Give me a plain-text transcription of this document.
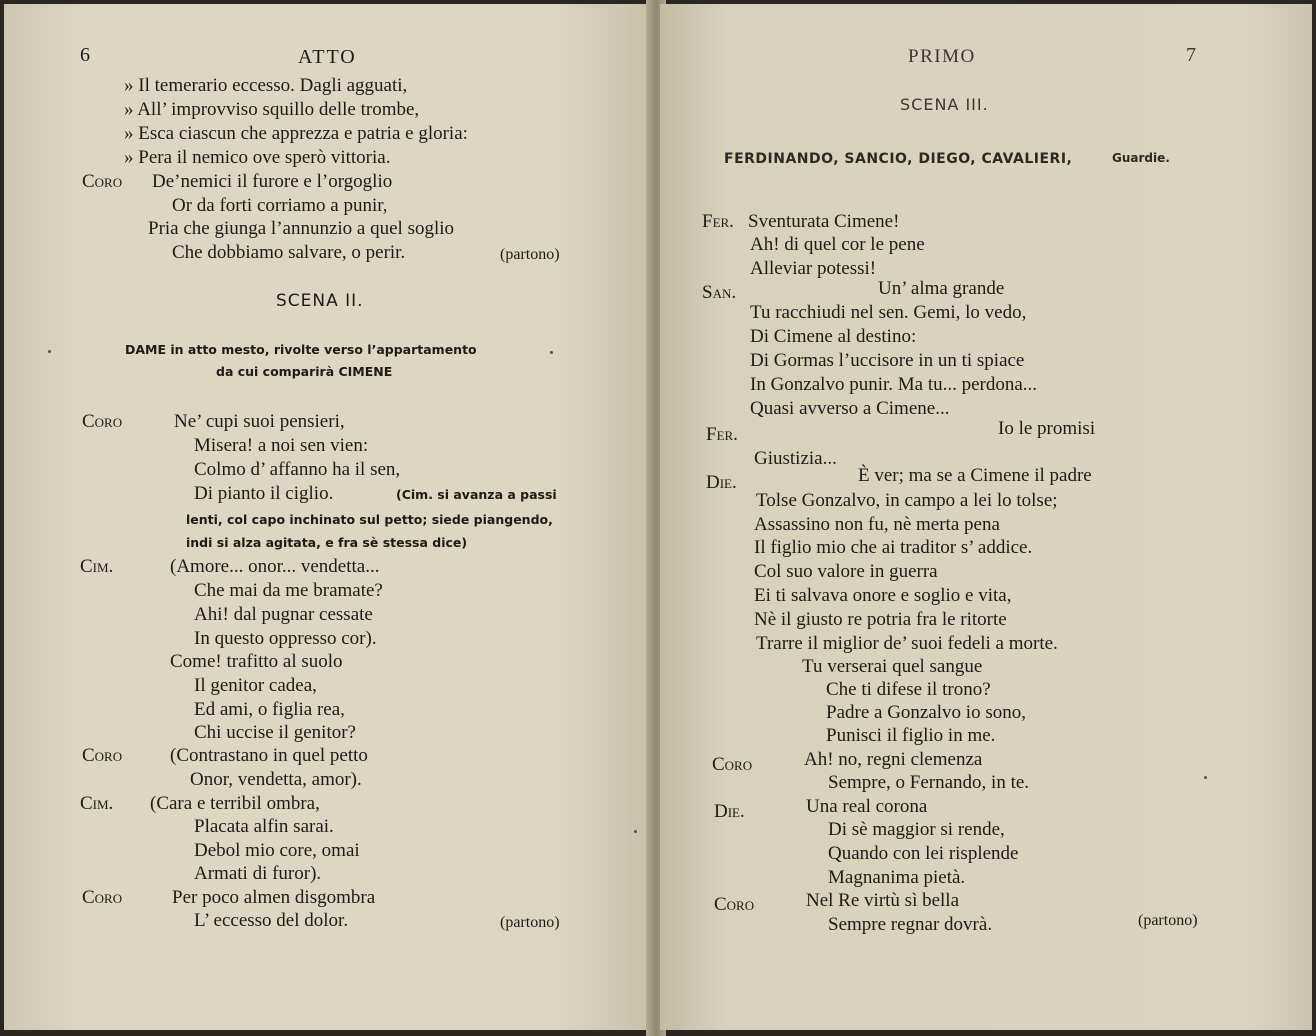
6	ATTO
» Il temerario eccesso. Dagli agguati,
» All’ improvviso squillo delle trombe,
» Esca ciascun che apprezza e patria e gloria:
» Pera il nemico ove sperò vittoria.
Coro De’nemici il furore e l’orgoglio
Or da forti corriamo a punir,
Pria che giunga l’annunzio a quel soglio
Che dobbiamo salvare, o perir.	(partono)
SCENA II.
DAME in atto mesto, rivolte verso l’appartamento
da cui comparirà CIMENE
Coro	Ne’ cupi suoi pensieri,
Misera! a noi sen vien:
Colmo d’ affanno ha il sen,
Di pianto il ciglio.	(Cim. si avanza a passi
lenti, col capo inchinato sul petto; siede piangendo,
indi si alza agitata, e fra sè stessa dice)
Cim.	(Amore... onor... vendetta...
Che mai da me bramate?
Ahi! dal pugnar cessate
In questo oppresso cor).
Come! trafitto al suolo
Il genitor cadea,
Ed ami, o figlia rea,
Chi uccise il genitor?
Coro	(Contrastano in quel petto
Onor, vendetta, amor).
Cim. (Cara e terribil ombra,
Placata alfin sarai.
Debol mio core, omai
Armati di furor).
Coro	Per poco almen disgombra
L’ eccesso del dolor.	(partono)
PRIMO	7
SCENA III.
FERDINANDO, SANCIO, DIEGO, CAVALIERI,	Guardie.
Fer. Sventurata Cimene!
Ah! di quel cor le pene
Alleviar potessi!
San.	Un’ alma grande
Tu racchiudi nel sen. Gemi, lo vedo,
Di Cimene al destino:
Di Gormas l’uccisore in un ti spiace
In Gonzalvo punir. Ma tu... perdona...
Quasi avverso a Cimene...
Fer.	Io le promisi
Giustizia...
Die.	È ver; ma se a Cimene il padre
Tolse Gonzalvo, in campo a lei lo tolse;
Assassino non fu, nè merta pena
Il figlio mio che ai traditor s’ addice.
Col suo valore in guerra
Ei ti salvava onore e soglio e vita,
Nè il giusto re potria fra le ritorte
Trarre il miglior de’ suoi fedeli a morte.
Tu verserai quel sangue
Che ti difese il trono?
Padre a Gonzalvo io sono,
Punisci il figlio in me.
Coro	Ah! no, regni clemenza
Sempre, o Fernando, in te.
Die.	Una real corona
Di sè maggior si rende,
Quando con lei risplende
Magnanima pietà.
Coro	Nel Re virtù sì bella
Sempre regnar dovrà.	(partono)
